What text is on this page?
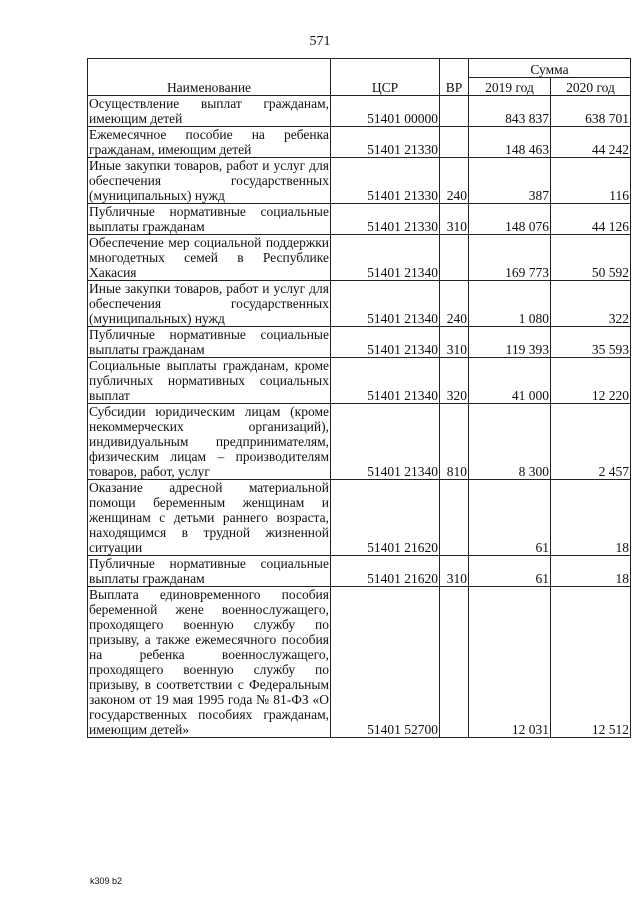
571
Наименование	ЦСР	ВР	Сумма	
			2019 год	2020 год
Осуществление выплат гражданам, имеющим детей	51401 00000		843 837	638 701
Ежемесячное пособие на ребенка гражданам, имеющим детей	51401 21330		148 463	44 242
Иные закупки товаров, работ и услуг для обеспечения государственных (муниципальных) нужд	51401 21330	240	387	116
Публичные нормативные социальные выплаты гражданам	51401 21330	310	148 076	44 126
Обеспечение мер социальной поддержки многодетных семей в Республике Хакасия	51401 21340		169 773	50 592
Иные закупки товаров, работ и услуг для обеспечения государственных (муниципальных) нужд	51401 21340	240	1 080	322
Публичные нормативные социальные выплаты гражданам	51401 21340	310	119 393	35 593
Социальные выплаты гражданам, кроме публичных нормативных социальных выплат	51401 21340	320	41 000	12 220
Субсидии юридическим лицам (кроме некоммерческих организаций), индивидуальным предпринимателям, физическим лицам – производителям товаров, работ, услуг	51401 21340	810	8 300	2 457
Оказание адресной материальной помощи беременным женщинам и женщинам с детьми раннего возраста, находящимся в трудной жизненной ситуации	51401 21620		61	18
Публичные нормативные социальные выплаты гражданам	51401 21620	310	61	18
Выплата единовременного пособия беременной жене военнослужащего, проходящего военную службу по призыву, а также ежемесячного пособия на ребенка военнослужащего, проходящего военную службу по призыву, в соответствии с Федеральным законом от 19 мая 1995 года № 81-ФЗ «О государственных пособиях гражданам, имеющим детей»	51401 52700		12 031	12 512
k309 b2
